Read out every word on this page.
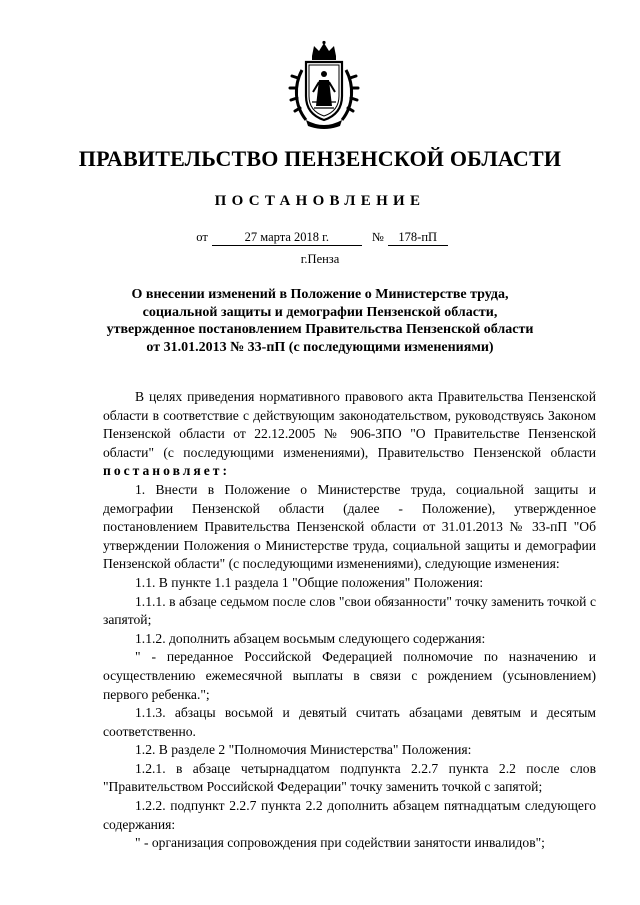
ПРАВИТЕЛЬСТВО ПЕНЗЕНСКОЙ ОБЛАСТИ
ПОСТАНОВЛЕНИЕ
от	27 марта 2018 г.	№ 178-пП
г.Пенза
О внесении изменений в Положение о Министерстве труда,
социальной защиты и демографии Пензенской области,
утвержденное постановлением Правительства Пензенской области
от 31.01.2013 № 33-пП (с последующими изменениями)

В целях приведения нормативного правового акта Правительства Пензенской области в соответствие с действующим законодательством, руководствуясь Законом Пензенской области от 22.12.2005 № 906-ЗПО "О Правительстве Пензенской области" (с последующими изменениями), Правительство Пензенской области постановляет:

1. Внести в Положение о Министерстве труда, социальной защиты и демографии Пензенской области (далее - Положение), утвержденное постановлением Правительства Пензенской области от 31.01.2013 № 33-пП "Об утверждении Положения о Министерстве труда, социальной защиты и демографии Пензенской области" (с последующими изменениями), следующие изменения:

1.1. В пункте 1.1 раздела 1 "Общие положения" Положения:

1.1.1. в абзаце седьмом после слов "свои обязанности" точку заменить точкой с запятой;

1.1.2. дополнить абзацем восьмым следующего содержания:

" - переданное Российской Федерацией полномочие по назначению и осуществлению ежемесячной выплаты в связи с рождением (усыновлением) первого ребенка.";

1.1.3. абзацы восьмой и девятый считать абзацами девятым и десятым соответственно.

1.2. В разделе 2 "Полномочия Министерства" Положения:

1.2.1. в абзаце четырнадцатом подпункта 2.2.7 пункта 2.2 после слов "Правительством Российской Федерации" точку заменить точкой с запятой;

1.2.2. подпункт 2.2.7 пункта 2.2 дополнить абзацем пятнадцатым следующего содержания:

" - организация сопровождения при содействии занятости инвалидов";
